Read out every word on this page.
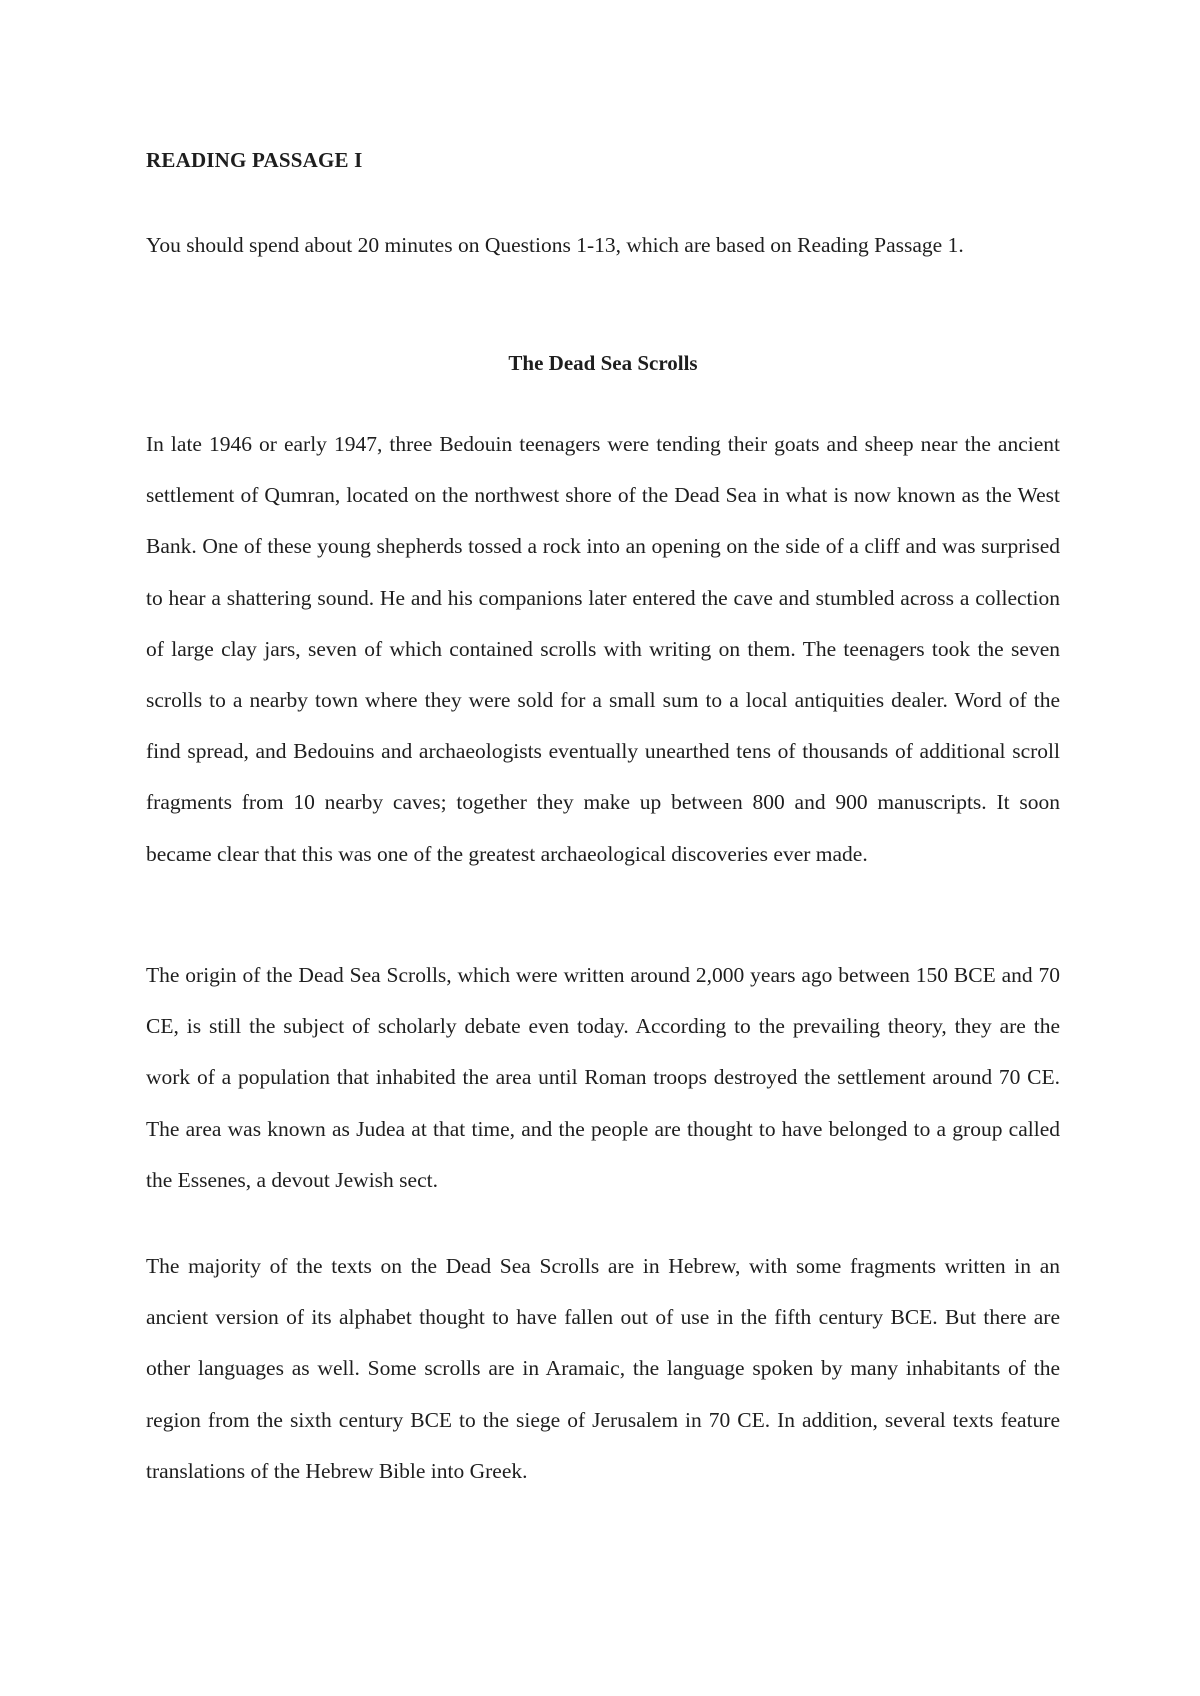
READING PASSAGE I

You should spend about 20 minutes on Questions 1-13, which are based on Reading Passage 1.

The Dead Sea Scrolls

In late 1946 or early 1947, three Bedouin teenagers were tending their goats and sheep near the ancient settlement of Qumran, located on the northwest shore of the Dead Sea in what is now known as the West Bank. One of these young shepherds tossed a rock into an opening on the side of a cliff and was surprised to hear a shattering sound. He and his companions later entered the cave and stumbled across a collection of large clay jars, seven of which contained scrolls with writing on them. The teenagers took the seven scrolls to a nearby town where they were sold for a small sum to a local antiquities dealer. Word of the find spread, and Bedouins and archaeologists eventually unearthed tens of thousands of additional scroll fragments from 10 nearby caves; together they make up between 800 and 900 manuscripts. It soon became clear that this was one of the greatest archaeological discoveries ever made.

The origin of the Dead Sea Scrolls, which were written around 2,000 years ago between 150 BCE and 70 CE, is still the subject of scholarly debate even today. According to the prevailing theory, they are the work of a population that inhabited the area until Roman troops destroyed the settlement around 70 CE. The area was known as Judea at that time, and the people are thought to have belonged to a group called the Essenes, a devout Jewish sect.

The majority of the texts on the Dead Sea Scrolls are in Hebrew, with some fragments written in an ancient version of its alphabet thought to have fallen out of use in the fifth century BCE. But there are other languages as well. Some scrolls are in Aramaic, the language spoken by many inhabitants of the region from the sixth century BCE to the siege of Jerusalem in 70 CE. In addition, several texts feature translations of the Hebrew Bible into Greek.
